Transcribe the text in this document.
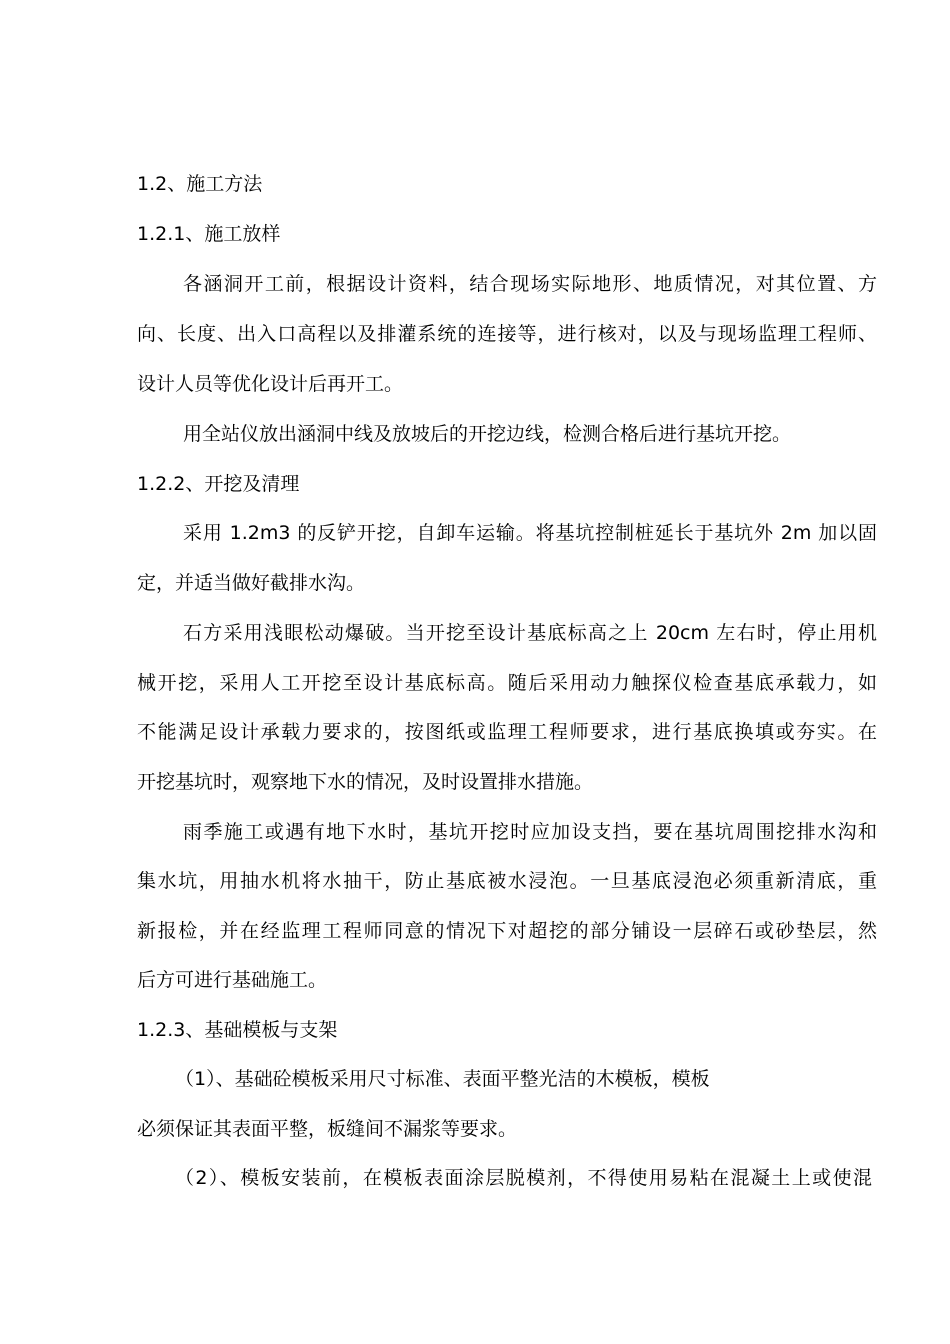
1.2、施工方法
1.2.1、施工放样
各涵洞开工前，根据设计资料，结合现场实际地形、地质情况，对其位置、方
向、长度、出入口高程以及排灌系统的连接等，进行核对，以及与现场监理工程师、
设计人员等优化设计后再开工。
用全站仪放出涵洞中线及放坡后的开挖边线，检测合格后进行基坑开挖。
1.2.2、开挖及清理
采用 1.2m3 的反铲开挖，自卸车运输。将基坑控制桩延长于基坑外 2m 加以固
定，并适当做好截排水沟。
石方采用浅眼松动爆破。当开挖至设计基底标高之上 20cm 左右时，停止用机
械开挖，采用人工开挖至设计基底标高。随后采用动力触探仪检查基底承载力，如
不能满足设计承载力要求的，按图纸或监理工程师要求，进行基底换填或夯实。在
开挖基坑时，观察地下水的情况，及时设置排水措施。
雨季施工或遇有地下水时，基坑开挖时应加设支挡，要在基坑周围挖排水沟和
集水坑，用抽水机将水抽干，防止基底被水浸泡。一旦基底浸泡必须重新清底，重
新报检，并在经监理工程师同意的情况下对超挖的部分铺设一层碎石或砂垫层，然
后方可进行基础施工。
1.2.3、基础模板与支架
（1）、基础砼模板采用尺寸标准、表面平整光洁的木模板，模板
必须保证其表面平整，板缝间不漏浆等要求。
（2）、模板安装前，在模板表面涂层脱模剂，不得使用易粘在混凝土上或使混
